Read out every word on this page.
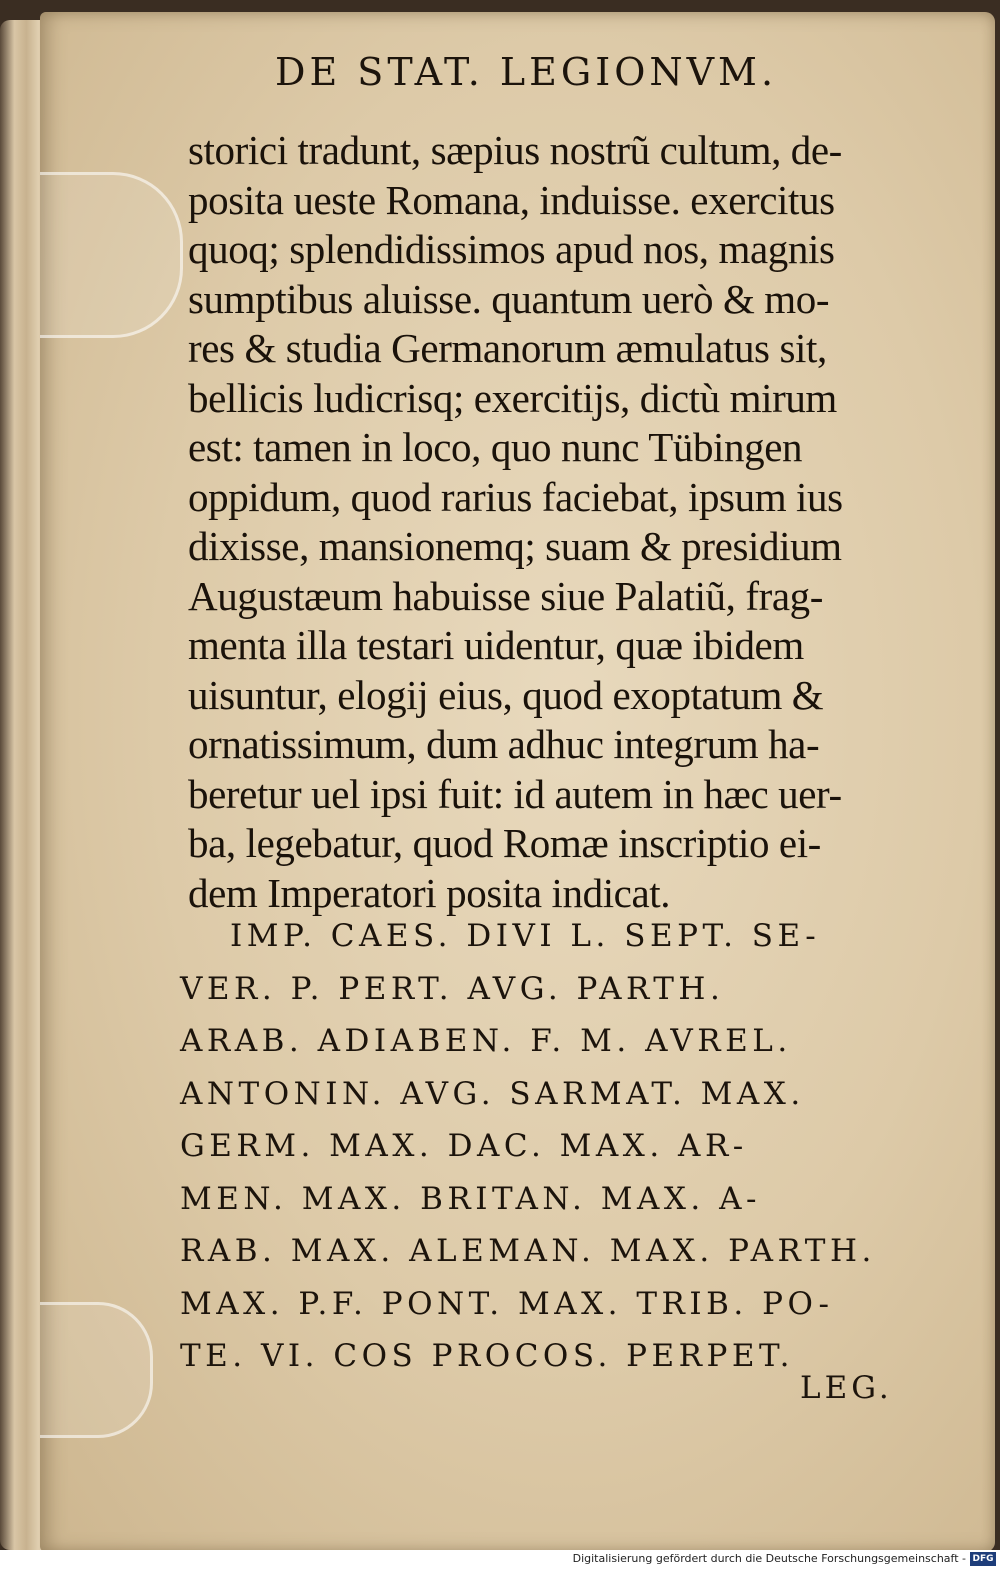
DE STAT. LEGIONVM.
storici tradunt, sæpius nostrũ cultum, de-
posita ueste Romana, induisse. exercitus
quoq; splendidissimos apud nos, magnis
sumptibus aluisse. quantum uerò & mo-
res & studia Germanorum æmulatus sit,
bellicis ludicrisq; exercitijs, dictù mirum
est: tamen in loco, quo nunc Tübingen
oppidum, quod rarius faciebat, ipsum ius
dixisse, mansionemq; suam & presidium
Augustæum habuisse siue Palatiũ, frag-
menta illa testari uidentur, quæ ibidem
uisuntur, elogij eius, quod exoptatum &
ornatissimum, dum adhuc integrum ha-
beretur uel ipsi fuit: id autem in hæc uer-
ba, legebatur, quod Romæ inscriptio ei-
dem Imperatori posita indicat.
IMP. CAES. DIVI L. SEPT. SE-
VER. P. PERT. AVG. PARTH.
ARAB. ADIABEN. F. M. AVREL.
ANTONIN. AVG. SARMAT. MAX.
GERM. MAX. DAC. MAX. AR-
MEN. MAX. BRITAN. MAX. A-
RAB. MAX. ALEMAN. MAX. PARTH.
MAX. P.F. PONT. MAX. TRIB. PO-
TE. VI. COS PROCOS. PERPET.
LEG.
Digitalisierung gefördert durch die Deutsche Forschungsgemeinschaft - DFG
